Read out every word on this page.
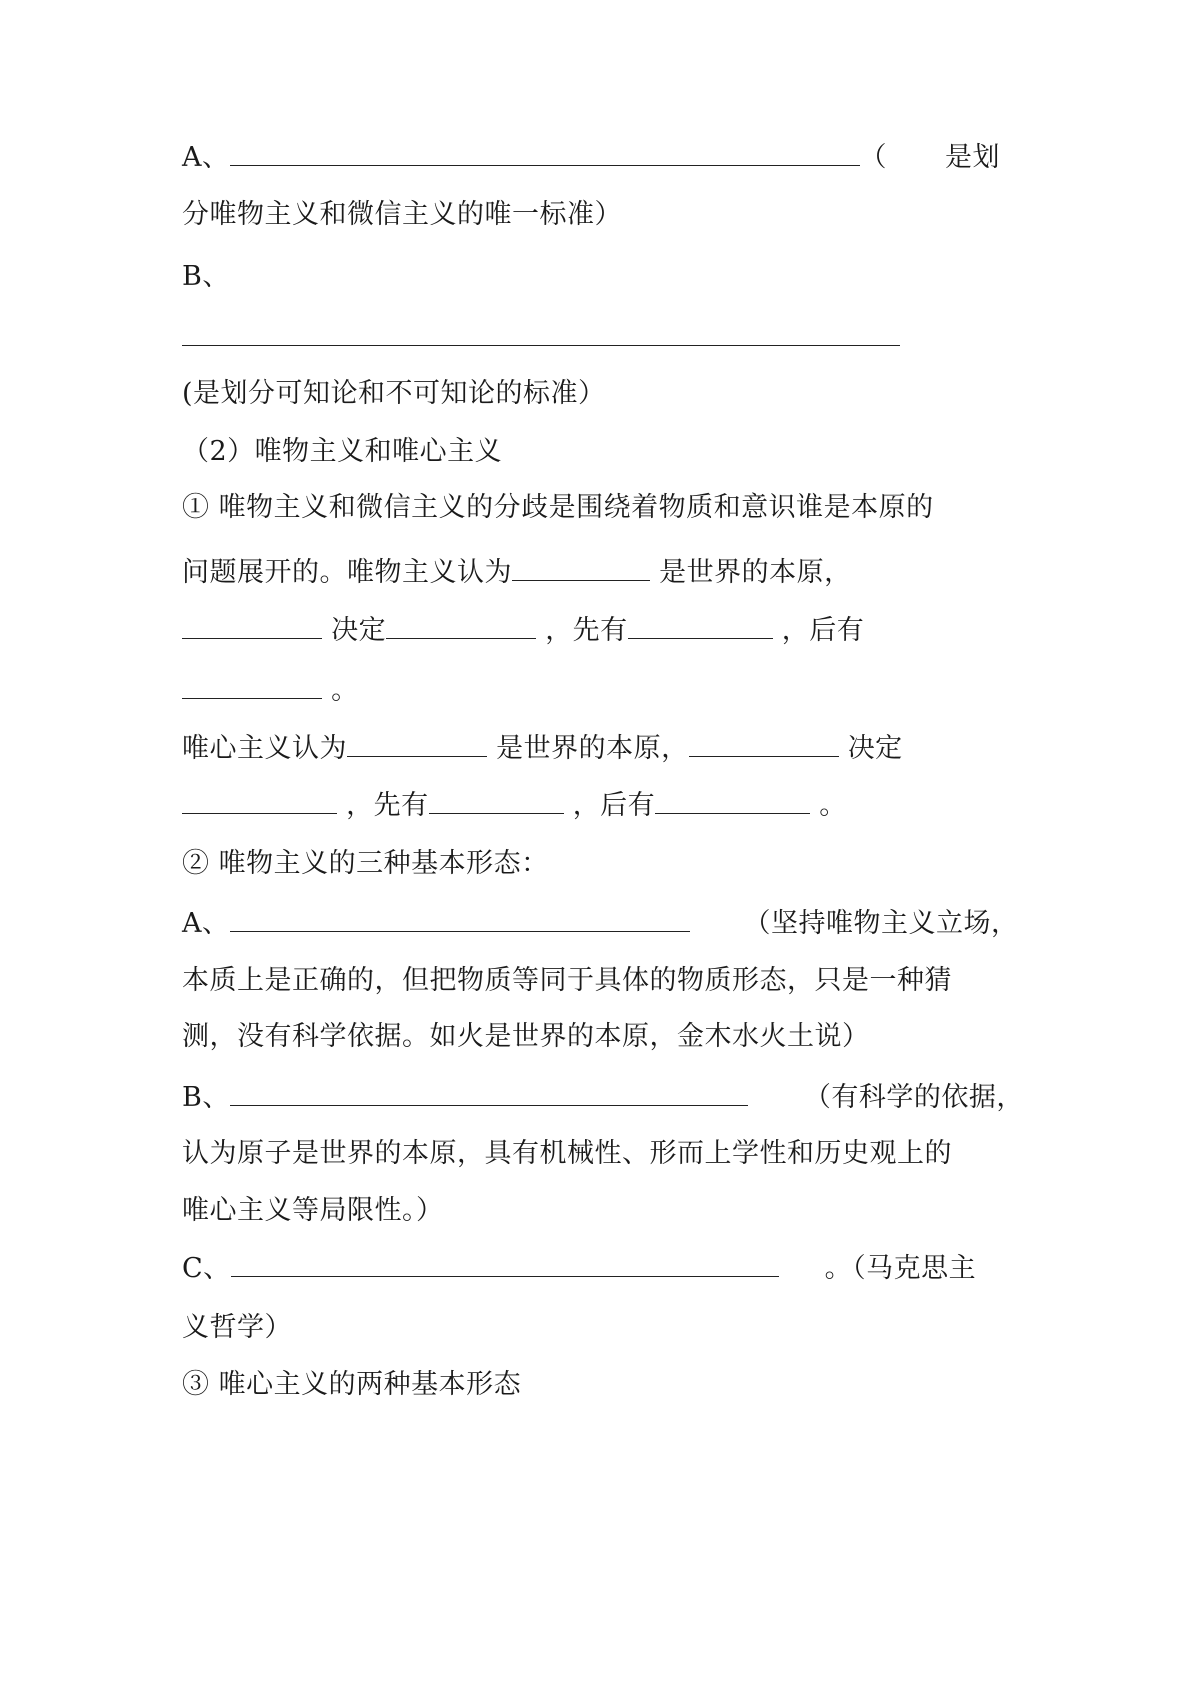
A、	（ 是划
分唯物主义和微信主义的唯一标准）
B、
(是划分可知论和不可知论的标准）
（2）唯物主义和唯心主义
① 唯物主义和微信主义的分歧是围绕着物质和意识谁是本原的
问题展开的。唯物主义认为	是世界的本原，
决定	，先有	，后有
。
唯心主义认为	是世界的本原，	决定
，先有	，后有	。
② 唯物主义的三种基本形态：
A、	（坚持唯物主义立场，
本质上是正确的，但把物质等同于具体的物质形态，只是一种猜
测，没有科学依据。如火是世界的本原，金木水火土说）
B、	（有科学的依据，
认为原子是世界的本原，具有机械性、形而上学性和历史观上的
唯心主义等局限性。）
C、	。（马克思主
义哲学）
③ 唯心主义的两种基本形态
